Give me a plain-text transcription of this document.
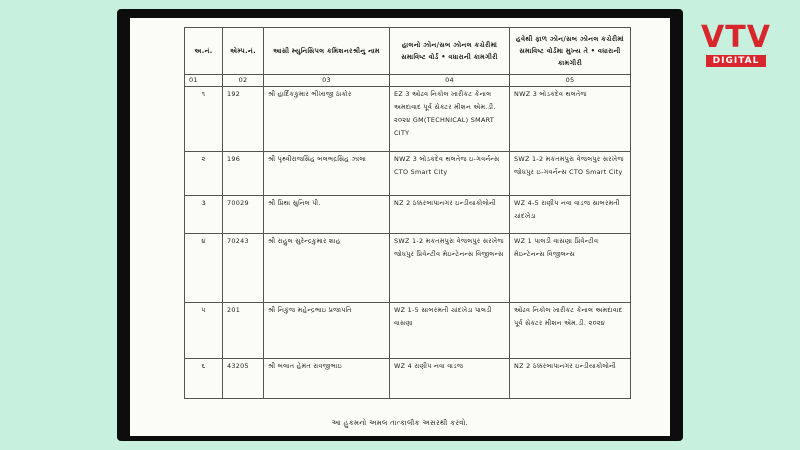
અ.નં.	એમ્પ.નં.	આસી મ્યુનિસિપલ કમિશનરશ્રીનુ નામ	હાલનો ઝોન/સબ ઝોનલ કચેરીમાં સમાવિષ્ટ વોર્ડ • વધારાની કામગીરી	હવેથી ફાળ ઝોન/સબ ઝોનલ કચેરીમાં સમાવિષ્ટ વોર્ડમા મુખ્ય તે • વધારાની કામગીરી
01	02	03	04	05
૧	192	શ્રી હાર્દિકકુમાર ભીખાજી ઠાકોર	EZ 3 ઓઢવ નિકોલ ખારીકટ કેનાલ અમદાવાદ પૂર્વ સેક્ટર મીશન એમ.ડી. ૨૦૨૪ GM(TECHNICAL) SMART CITY	NWZ 3 બોડકદેવ થલતેજ
૨	196	શ્રી પૃથ્વીરાજસિંહ બલભદ્રસિંહ ઝાલા	NWZ 3 બોડકદેવ થલતેજ ઇ-ગવર્નન્સ CTO Smart City	SWZ 1-2 મકતમપુરા વેજલપુર સરખેજ જોધપુર ઇ-ગવર્નન્સ CTO Smart City
૩	70029	શ્રી પ્રિથા સુનિલ પી.	NZ 2 ઠક્કરબાપાનગર ઇન્ડીયાકોલોની	WZ 4-5 રાણીપ નવા વાડજ સાબરમતી ચાંદખેડા
૪	70243	શ્રી રાહુલ સુરેન્દ્રકુમાર શાહ	SWZ 1-2 મકતમપુરા વેજલપુર સરખેજ જોધપુર પ્રિવેન્ટીવ મેઇન્ટેનન્સ વિજીલન્સ	WZ 1 પાલડી વાસણા પ્રિવેન્ટીવ મેઇન્ટેનન્સ વિજીલન્સ
૫	201	શ્રી નિકુંજ મહેન્દ્રભાઇ પ્રજાપતિ	WZ 1-5 સાબરમતી ચાંદખેડા પાલડી વાસણા	ઓઢવ નિકોલ ખારીકટ કેનાલ અમદાવાદ પૂર્વ સેક્ટર મીશન એમ.ડી. ૨૦૨૪
૬	43205	શ્રી બલાત હેમંત રાવજીભાઇ	WZ 4 રાણીપ નવા વાડજ	NZ 2 ઠક્કરબાપાનગર ઇન્ડીયાકોલોની
આ હુકમનો અમલ તાત્કાલીક અસરથી કરવો.
VTV
DIGITAL
